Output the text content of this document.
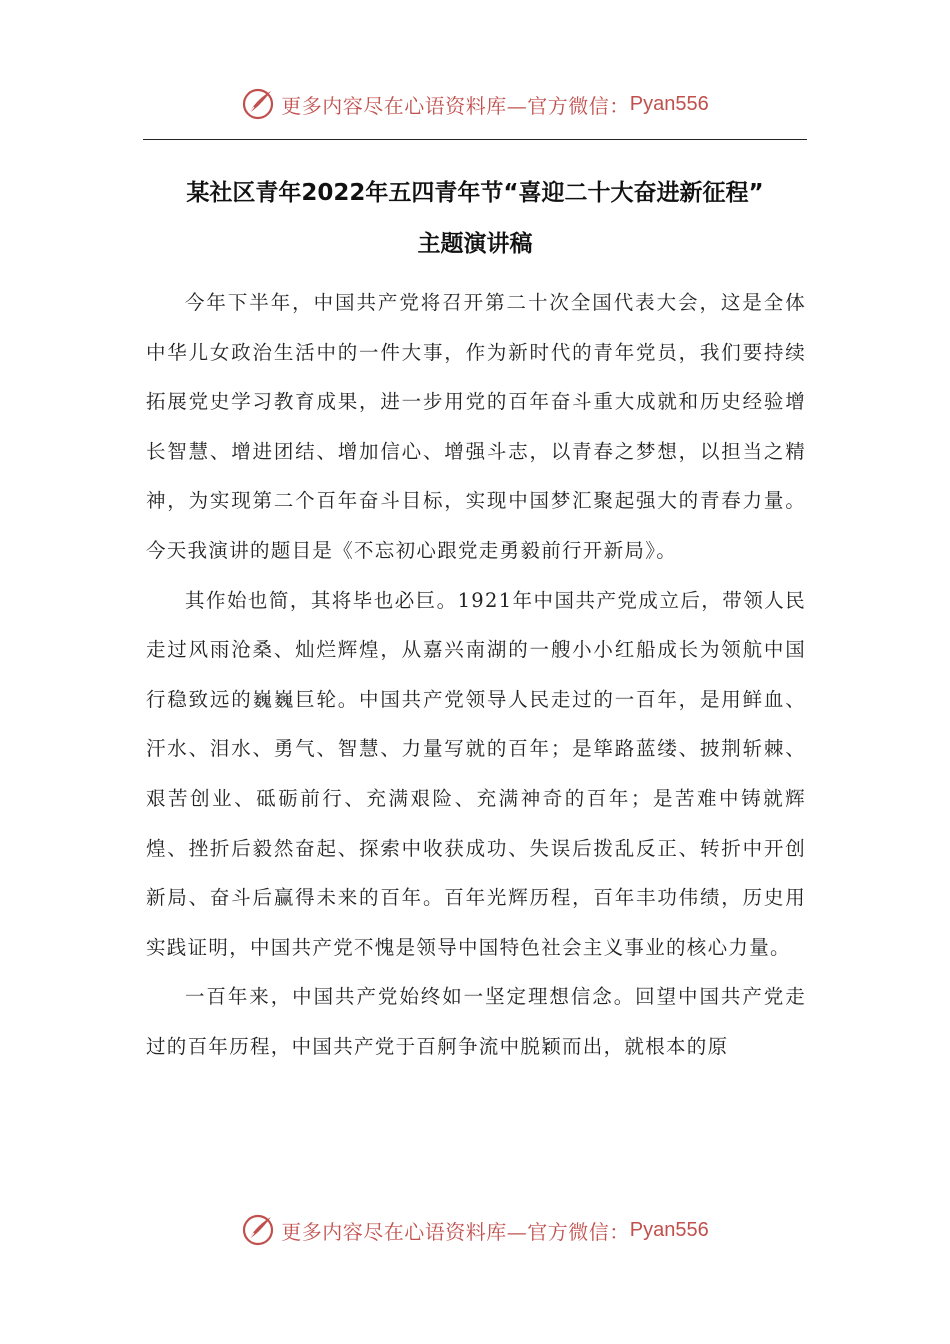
更多内容尽在心语资料库—官方微信： Pyan556
某社区青年2022年五四青年节“喜迎二十大奋进新征程”
主题演讲稿

今年下半年，中国共产党将召开第二十次全国代表大会，这是全体中华儿女政治生活中的一件大事，作为新时代的青年党员，我们要持续拓展党史学习教育成果，进一步用党的百年奋斗重大成就和历史经验增长智慧、增进团结、增加信心、增强斗志，以青春之梦想，以担当之精神，为实现第二个百年奋斗目标，实现中国梦汇聚起强大的青春力量。今天我演讲的题目是《不忘初心跟党走勇毅前行开新局》。

其作始也简，其将毕也必巨。1921年中国共产党成立后，带领人民走过风雨沧桑、灿烂辉煌，从嘉兴南湖的一艘小小红船成长为领航中国行稳致远的巍巍巨轮。中国共产党领导人民走过的一百年，是用鲜血、汗水、泪水、勇气、智慧、力量写就的百年；是筚路蓝缕、披荆斩棘、艰苦创业、砥砺前行、充满艰险、充满神奇的百年；是苦难中铸就辉煌、挫折后毅然奋起、探索中收获成功、失误后拨乱反正、转折中开创新局、奋斗后赢得未来的百年。百年光辉历程，百年丰功伟绩，历史用实践证明，中国共产党不愧是领导中国特色社会主义事业的核心力量。

一百年来，中国共产党始终如一坚定理想信念。回望中国共产党走过的百年历程，中国共产党于百舸争流中脱颖而出，就根本的原

更多内容尽在心语资料库—官方微信： Pyan556
